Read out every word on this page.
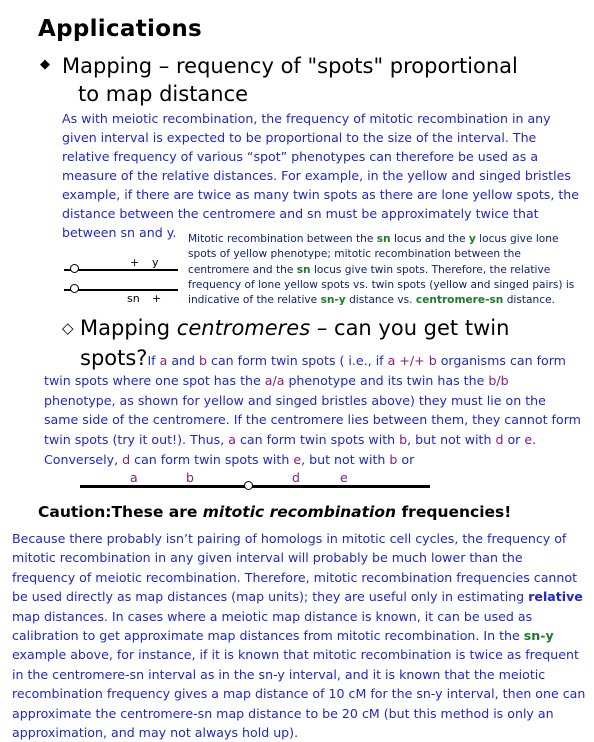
Applications
◆ Mapping – requency of "spots" proportional
to map distance
As with meiotic recombination, the frequency of mitotic recombination in any given interval is expected to be proportional to the size of the interval. The relative frequency of various “spot” phenotypes can therefore be used as a measure of the relative distances. For example, in the yellow and singed bristles example, if there are twice as many twin spots as there are lone yellow spots, the distance between the centromere and sn must be approximately twice that between sn and y.
+ y
sn +
Mitotic recombination between the sn locus and the y locus give lone spots of yellow phenotype; mitotic recombination between the centromere and the sn locus give twin spots. Therefore, the relative frequency of lone yellow spots vs. twin spots (yellow and singed pairs) is indicative of the relative sn-y distance vs. centromere-sn distance.
◇ Mapping centromeres – can you get twin
spots?If a and b can form twin spots ( i.e., if a +/+ b organisms can form twin spots where one spot has the a/a phenotype and its twin has the b/b phenotype, as shown for yellow and singed bristles above) they must lie on the same side of the centromere. If the centromere lies between them, they cannot form twin spots (try it out!). Thus, a can form twin spots with b, but not with d or e. Conversely, d can form twin spots with e, but not with b or
a	b	d	e
Caution:These are mitotic recombination frequencies!
Because there probably isn’t pairing of homologs in mitotic cell cycles, the frequency of mitotic recombination in any given interval will probably be much lower than the frequency of meiotic recombination. Therefore, mitotic recombination frequencies cannot be used directly as map distances (map units); they are useful only in estimating relative map distances. In cases where a meiotic map distance is known, it can be used as calibration to get approximate map distances from mitotic recombination. In the sn-y example above, for instance, if it is known that mitotic recombination is twice as frequent in the centromere-sn interval as in the sn-y interval, and it is known that the meiotic recombination frequency gives a map distance of 10 cM for the sn-y interval, then one can approximate the centromere-sn map distance to be 20 cM (but this method is only an approximation, and may not always hold up).
